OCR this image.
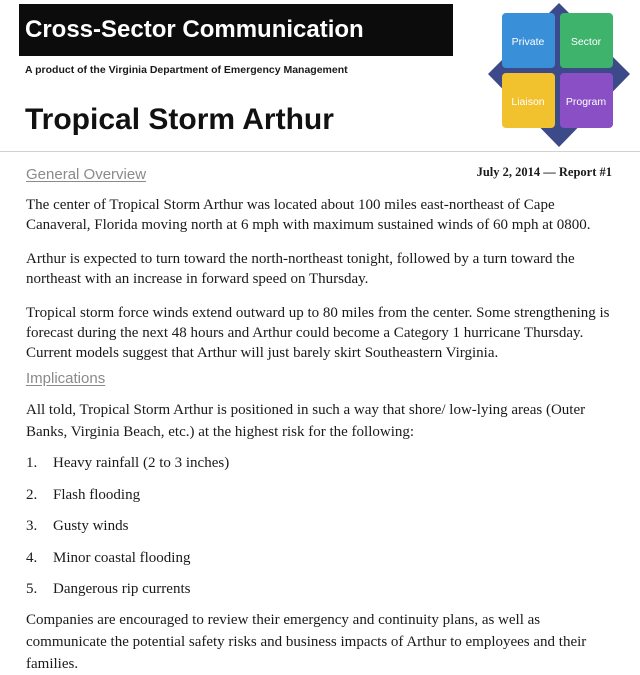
Cross-Sector Communication
A product of the Virginia Department of Emergency Management
Private	Sector
Liaison Program
Tropical Storm Arthur
General Overview	July 2, 2014 — Report #1

The center of Tropical Storm Arthur was located about 100 miles east-northeast of Cape Canaveral, Florida moving north at 6 mph with maximum sustained winds of 60 mph at 0800.

Arthur is expected to turn toward the north-northeast tonight, followed by a turn toward the northeast with an increase in forward speed on Thursday.

Tropical storm force winds extend outward up to 80 miles from the center. Some strengthening is forecast during the next 48 hours and Arthur could become a Category 1 hurricane Thursday. Current models suggest that Arthur will just barely skirt Southeastern Virginia.

Implications

All told, Tropical Storm Arthur is positioned in such a way that shore/ low-lying areas (Outer Banks, Virginia Beach, etc.) at the highest risk for the following:

1. Heavy rainfall (2 to 3 inches)
2. Flash flooding
3. Gusty winds
4. Minor coastal flooding
5. Dangerous rip currents

Companies are encouraged to review their emergency and continuity plans, as well as communicate the potential safety risks and business impacts of Arthur to employees and their families.
